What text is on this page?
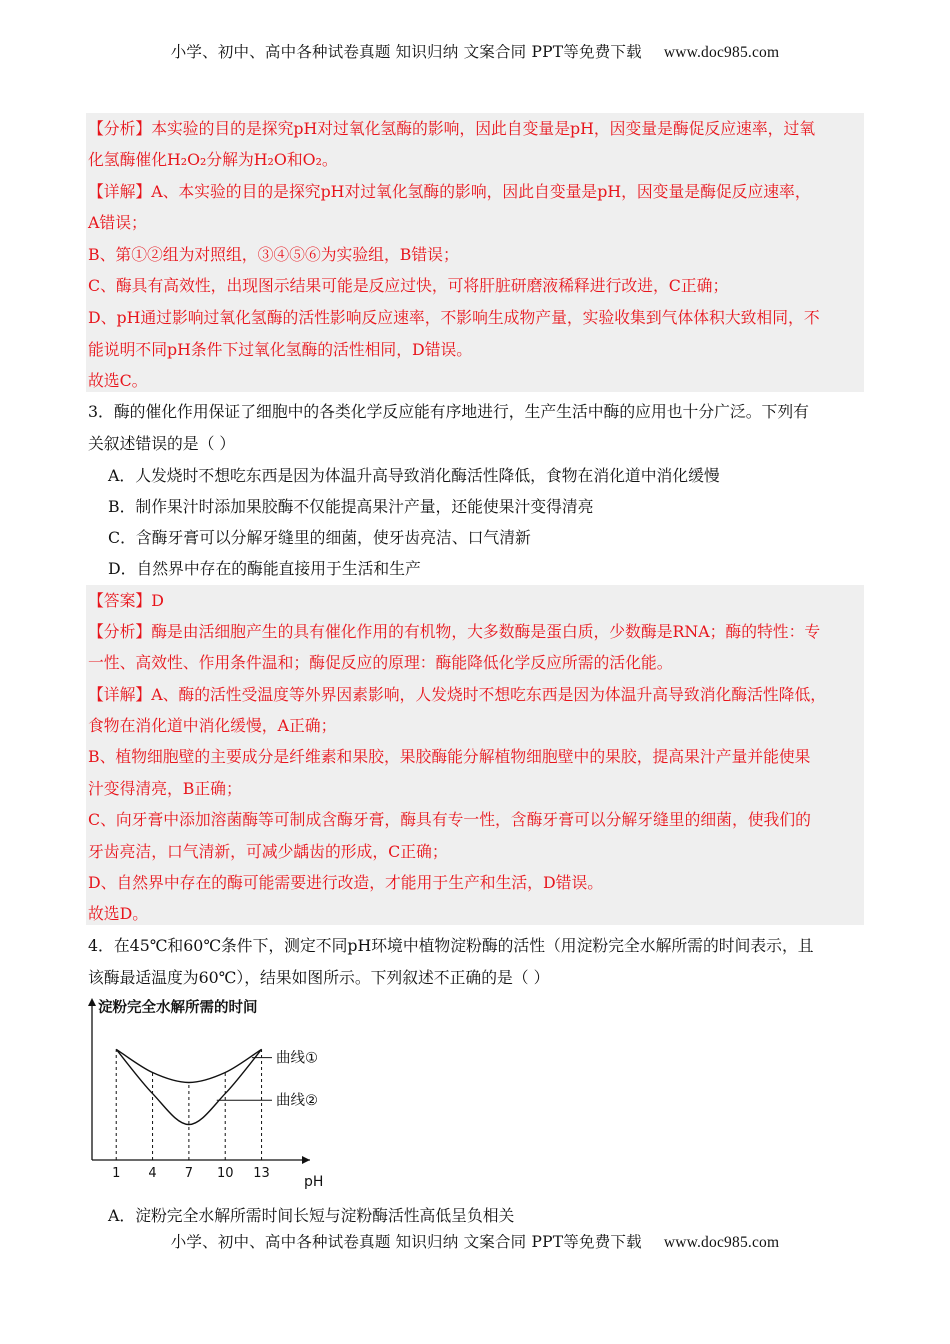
小学、初中、高中各种试卷真题 知识归纳 文案合同 PPT等免费下载 www.doc985.com
【分析】本实验的目的是探究pH对过氧化氢酶的影响，因此自变量是pH，因变量是酶促反应速率，过氧
化氢酶催化H₂O₂分解为H₂O和O₂。
【详解】A、本实验的目的是探究pH对过氧化氢酶的影响，因此自变量是pH，因变量是酶促反应速率，
A错误；
B、第①②组为对照组，③④⑤⑥为实验组，B错误；
C、酶具有高效性，出现图示结果可能是反应过快，可将肝脏研磨液稀释进行改进，C正确；
D、pH通过影响过氧化氢酶的活性影响反应速率，不影响生成物产量，实验收集到气体体积大致相同，不
能说明不同pH条件下过氧化氢酶的活性相同，D错误。
故选C。
3．酶的催化作用保证了细胞中的各类化学反应能有序地进行，生产生活中酶的应用也十分广泛。下列有
关叙述错误的是（ ）
A．人发烧时不想吃东西是因为体温升高导致消化酶活性降低，食物在消化道中消化缓慢
B．制作果汁时添加果胶酶不仅能提高果汁产量，还能使果汁变得清亮
C．含酶牙膏可以分解牙缝里的细菌，使牙齿亮洁、口气清新
D．自然界中存在的酶能直接用于生活和生产
【答案】D
【分析】酶是由活细胞产生的具有催化作用的有机物，大多数酶是蛋白质，少数酶是RNA；酶的特性：专
一性、高效性、作用条件温和；酶促反应的原理：酶能降低化学反应所需的活化能。
【详解】A、酶的活性受温度等外界因素影响，人发烧时不想吃东西是因为体温升高导致消化酶活性降低，
食物在消化道中消化缓慢，A正确；
B、植物细胞壁的主要成分是纤维素和果胶，果胶酶能分解植物细胞壁中的果胶，提高果汁产量并能使果
汁变得清亮，B正确；
C、向牙膏中添加溶菌酶等可制成含酶牙膏，酶具有专一性，含酶牙膏可以分解牙缝里的细菌，使我们的
牙齿亮洁，口气清新，可减少龋齿的形成，C正确；
D、自然界中存在的酶可能需要进行改造，才能用于生产和生活，D错误。
故选D。
4．在45℃和60℃条件下，测定不同pH环境中植物淀粉酶的活性（用淀粉完全水解所需的时间表示，且
该酶最适温度为60℃），结果如图所示。下列叙述不正确的是（ ）
淀粉完全水解所需的时间
pH
1 4 7 10 13
曲线①
曲线②
A．淀粉完全水解所需时间长短与淀粉酶活性高低呈负相关
小学、初中、高中各种试卷真题 知识归纳 文案合同 PPT等免费下载 www.doc985.com
